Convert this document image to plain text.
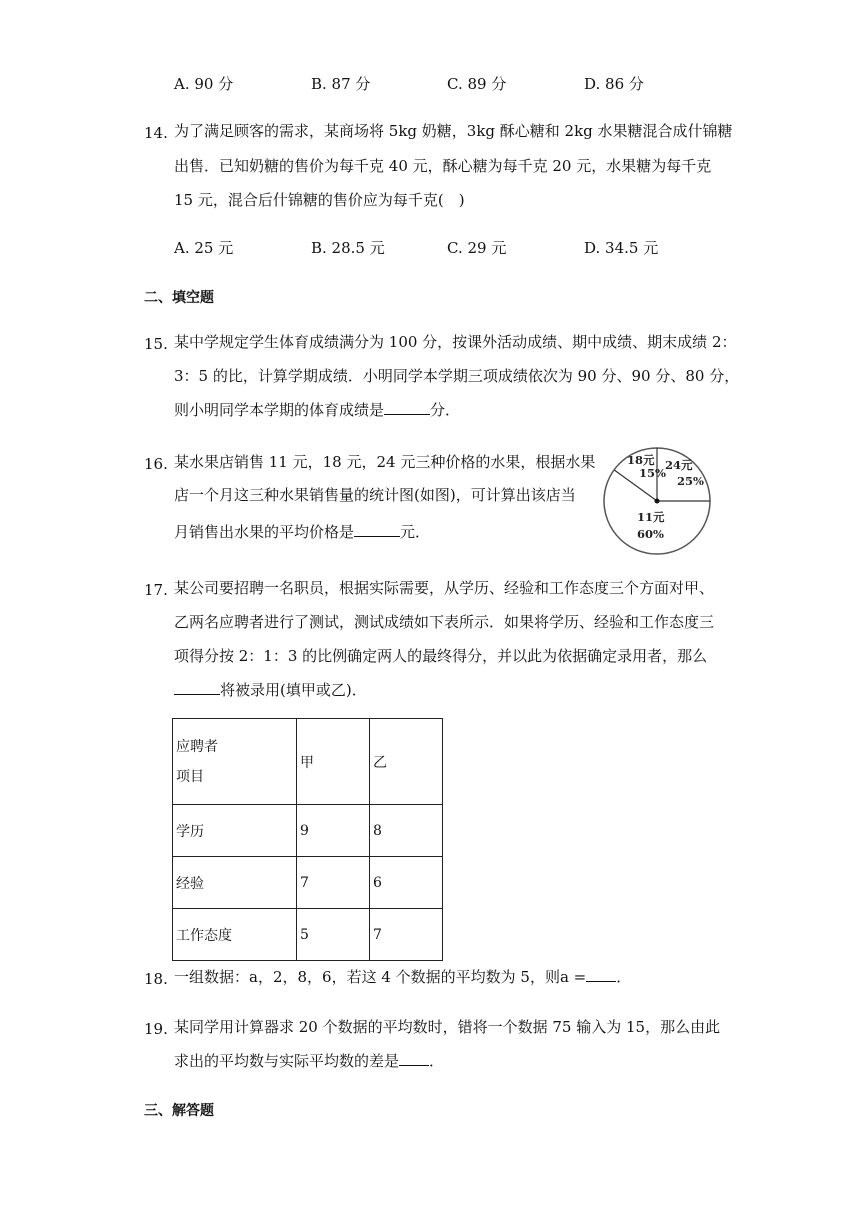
A. 90 分	B. 87 分	C. 89 分	D. 86 分
14. 为了满足顾客的需求，某商场将 5kg 奶糖，3kg 酥心糖和 2kg 水果糖混合成什锦糖
出售．已知奶糖的售价为每千克 40 元，酥心糖为每千克 20 元，水果糖为每千克
15 元，混合后什锦糖的售价应为每千克(　)
A. 25 元	B. 28.5 元	C. 29 元	D. 34.5 元
二、填空题
15. 某中学规定学生体育成绩满分为 100 分，按课外活动成绩、期中成绩、期末成绩 2：
3：5 的比，计算学期成绩．小明同学本学期三项成绩依次为 90 分、90 分、80 分，
则小明同学本学期的体育成绩是	分．
16. 某水果店销售 11 元，18 元，24 元三种价格的水果，根据水果
店一个月这三种水果销售量的统计图(如图)，可计算出该店当
月销售出水果的平均价格是	元．
18元
15%
24元
25%
11元
60%
17. 某公司要招聘一名职员，根据实际需要，从学历、经验和工作态度三个方面对甲、
乙两名应聘者进行了测试，测试成绩如下表所示．如果将学历、经验和工作态度三
项得分按 2：1：3 的比例确定两人的最终得分，并以此为依据确定录用者，那么
将被录用(填甲或乙)．
应聘者
项目	甲	乙
学历	9	8
经验	7	6
工作态度	5	7
18. 一组数据：a，2，8，6，若这 4 个数据的平均数为 5，则a = ．
19. 某同学用计算器求 20 个数据的平均数时，错将一个数据 75 输入为 15，那么由此
求出的平均数与实际平均数的差是 ．
三、解答题
